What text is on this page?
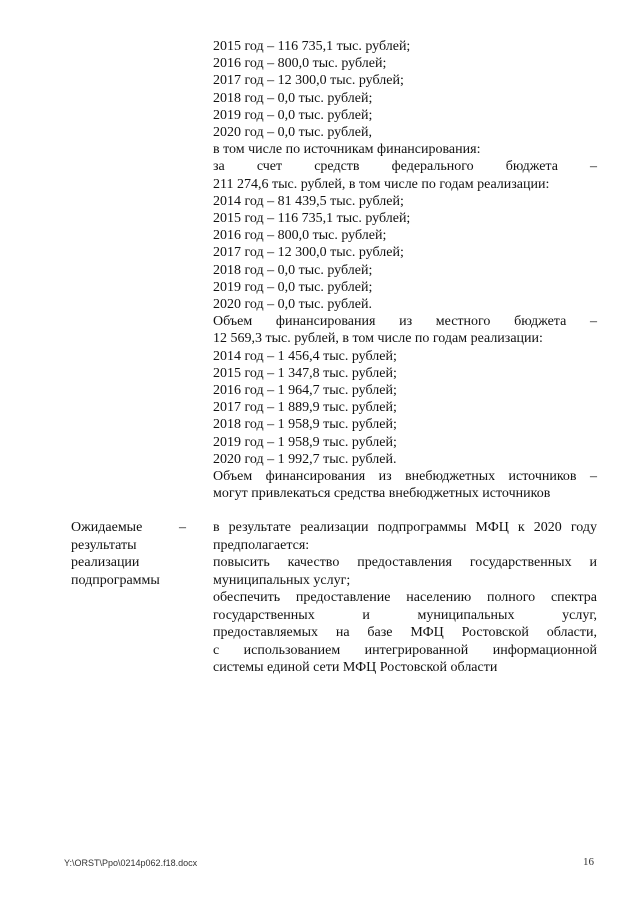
2015 год – 116 735,1 тыс. рублей;
2016 год – 800,0 тыс. рублей;
2017 год – 12 300,0 тыс. рублей;
2018 год – 0,0 тыс. рублей;
2019 год – 0,0 тыс. рублей;
2020 год – 0,0 тыс. рублей,
в том числе по источникам финансирования:
за счет средств федерального бюджета –
211 274,6 тыс. рублей, в том числе по годам реализации:
2014 год – 81 439,5 тыс. рублей;
2015 год – 116 735,1 тыс. рублей;
2016 год – 800,0 тыс. рублей;
2017 год – 12 300,0 тыс. рублей;
2018 год – 0,0 тыс. рублей;
2019 год – 0,0 тыс. рублей;
2020 год – 0,0 тыс. рублей.
Объем финансирования из местного бюджета –
12 569,3 тыс. рублей, в том числе по годам реализации:
2014 год – 1 456,4 тыс. рублей;
2015 год – 1 347,8 тыс. рублей;
2016 год – 1 964,7 тыс. рублей;
2017 год – 1 889,9 тыс. рублей;
2018 год – 1 958,9 тыс. рублей;
2019 год – 1 958,9 тыс. рублей;
2020 год – 1 992,7 тыс. рублей.
Объем финансирования из внебюджетных источников –
могут привлекаться средства внебюджетных источников
Ожидаемые
результаты
реализации
подпрограммы
– в результате реализации подпрограммы МФЦ к 2020 году
предполагается:
повысить качество предоставления государственных и
муниципальных услуг;
обеспечить предоставление населению полного спектра
государственных и муниципальных услуг,
предоставляемых на базе МФЦ Ростовской области,
с использованием интегрированной информационной
системы единой сети МФЦ Ростовской области
Y:\ORST\Ppo\0214p062.f18.docx	16
